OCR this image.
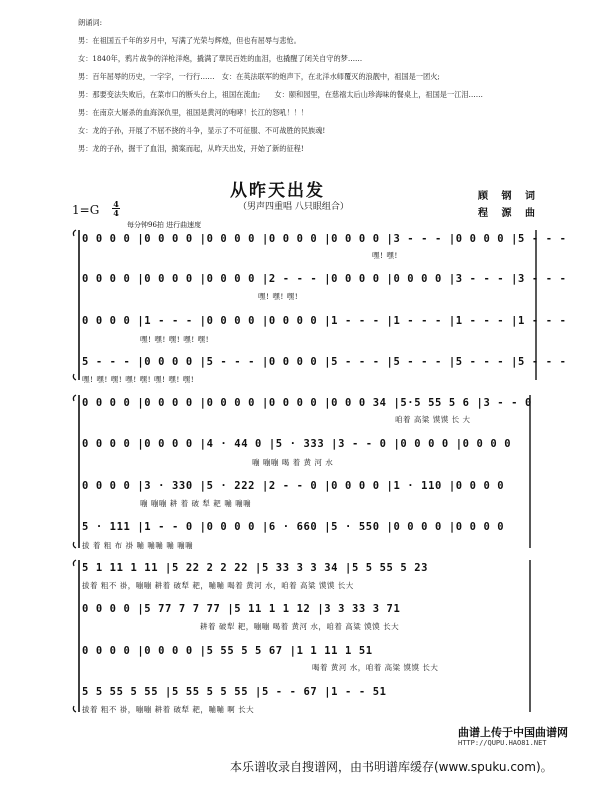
朗诵词:
男：在祖国五千年的岁月中，写满了光荣与辉煌，但也有屈辱与悲怆。
女：1840年，鸦片战争的洋枪洋炮，撬满了華民百姓的血泪，也撬醒了闭关自守的梦……
男：百年屈辱的历史，一字字，一行行……　女：在英法联军的炮声下，在北洋水师覆灭的浪靓中，祖国是一团火;
男：那要变法失败后，在菜市口的断头台上，祖国在流血;　　女：颐和园里，在慈禧太后山珍海味的餐桌上，祖国是一江泪……
男：在南京大屠杀的血海深仇里，祖国是黄河的咆哮！长江的怒吼！！！
女：龙的子孙，开展了不屈不挠的斗争，显示了不可征服、不可战胜的民族魂!
男：龙的子孙，掘干了血泪，掮案而起，从昨天出发，开始了新的征程!
从昨天出发
（男声四重唱 八只眼组合）
顾 钢 词
程 源 曲
1=G 4
4
每分钟96拍 进行曲速度
0 0 0 0 |0 0 0 0 |0 0 0 0 |0 0 0 0 |0 0 0 0 |3 - - - |0 0 0 0 |5 - - -
嘿! 嘿!
0 0 0 0 |0 0 0 0 |0 0 0 0 |2 - - - |0 0 0 0 |0 0 0 0 |3 - - - |3 - - -
嘿! 嘿! 嘿!
0 0 0 0 |1 - - - |0 0 0 0 |0 0 0 0 |1 - - - |1 - - - |1 - - - |1 - - -
嘿! 嘿! 嘿! 嘿! 嘿!
5 - - - |0 0 0 0 |5 - - - |0 0 0 0 |5 - - - |5 - - - |5 - - - |5 - - -
嘿! 嘿! 嘿! 嘿! 嘿! 嘿! 嘿! 嘿!
0 0 0 0 |0 0 0 0 |0 0 0 0 |0 0 0 0 |0 0 0 34 |5·5 55 5 6 |3 - - 0
咱着 高粱 馍馍 长 大
0 0 0 0 |0 0 0 0 |4 · 44 0 |5 · 333 |3 - - 0 |0 0 0 0 |0 0 0 0
嘣 嘣嘣 喝 着 黄 河 水
0 0 0 0 |3 · 330 |5 · 222 |2 - - 0 |0 0 0 0 |1 · 110 |0 0 0 0
嘣 嘣嘣 耕 着 破 犁 耙 嘣 嘣嘣
5 · 111 |1 - - 0 |0 0 0 0 |6 · 660 |5 · 550 |0 0 0 0 |0 0 0 0
拔 着 粗 布 褂 嘣 嘣嘣 嘣 嘣嘣
5 1 11 1 11 |5 22 2 2 22 |5 33 3 3 34 |5 5 55 5 23
拔着 粗不 褂，嘣嘣 耕着 破犁 耙，嘣嘣 喝着 黄河 水，咱着 高粱 馍馍 长大
0 0 0 0 |5 77 7 7 77 |5 11 1 1 12 |3 3 33 3 71
耕着 破犁 耙，嘣嘣 喝着 黄河 水，咱着 高粱 馍馍 长大
0 0 0 0 |0 0 0 0 |5 55 5 5 67 |1 1 11 1 51
喝着 黄河 水，咱着 高粱 馍馍 长大
5 5 55 5 55 |5 55 5 5 55 |5 - - 67 |1 - - 51
拔着 粗不 褂，嘣嘣 耕着 破犁 耙，嘣嘣 啊 长大
曲谱上传于中国曲谱网
HTTP://QUPU.HAO81.NET
本乐谱收录自搜谱网，由书明谱库缓存(www.spuku.com)。
